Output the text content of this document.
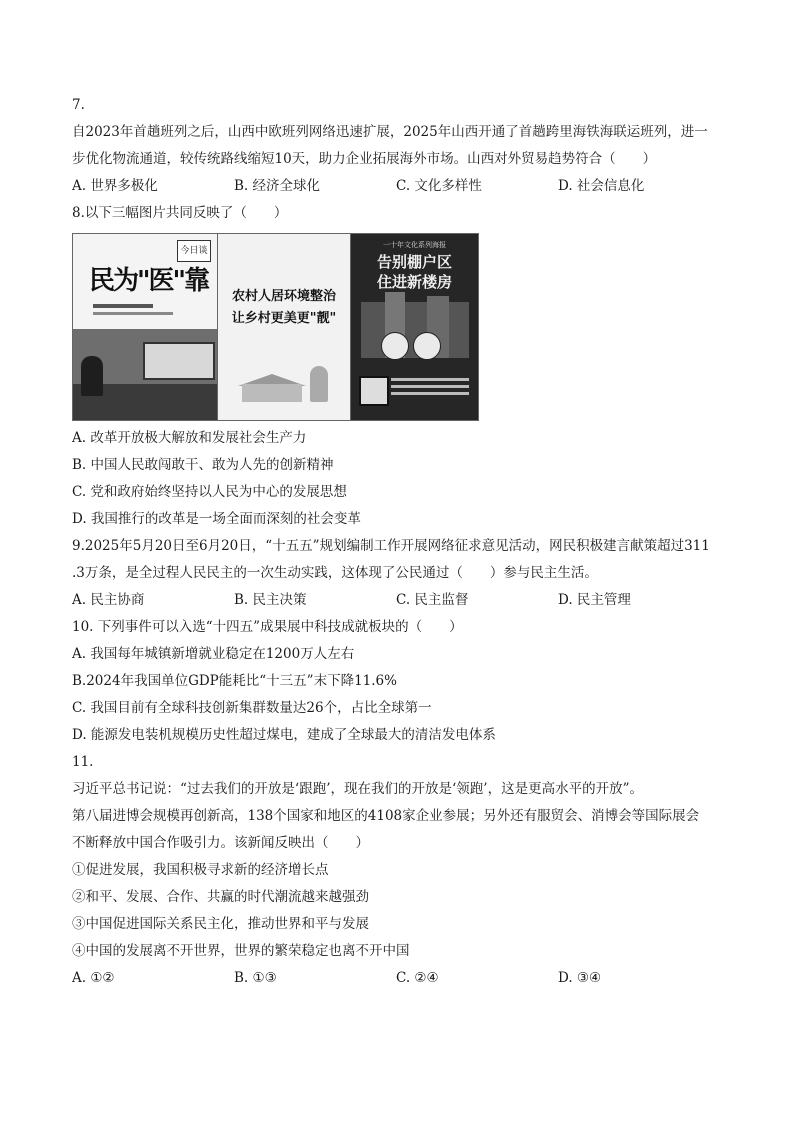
7.
自2023年首趟班列之后，山西中欧班列网络迅速扩展，2025年山西开通了首趟跨里海铁海联运班列，进一
步优化物流通道，较传统路线缩短10天，助力企业拓展海外市场。山西对外贸易趋势符合（　　）
A. 世界多极化	B. 经济全球化	C. 文化多样性	D. 社会信息化
8.以下三幅图片共同反映了（　　）
民为"医"靠
今日谈
农村人居环境整治
让乡村更美更"靓"
一十年文化系列海报
告别棚户区
住进新楼房
A. 改革开放极大解放和发展社会生产力
B. 中国人民敢闯敢干、敢为人先的创新精神
C. 党和政府始终坚持以人民为中心的发展思想
D. 我国推行的改革是一场全面而深刻的社会变革
9.2025年5月20日至6月20日，“十五五”规划编制工作开展网络征求意见活动，网民积极建言献策超过311
.3万条，是全过程人民民主的一次生动实践，这体现了公民通过（　　）参与民主生活。
A. 民主协商	B. 民主决策	C. 民主监督	D. 民主管理
10. 下列事件可以入选“十四五”成果展中科技成就板块的（　　）
A. 我国每年城镇新增就业稳定在1200万人左右
B.2024年我国单位GDP能耗比“十三五”末下降11.6%
C. 我国目前有全球科技创新集群数量达26个，占比全球第一
D. 能源发电装机规模历史性超过煤电，建成了全球最大的清洁发电体系
11.
习近平总书记说：“过去我们的开放是‘跟跑’，现在我们的开放是‘领跑’，这是更高水平的开放”。
第八届进博会规模再创新高，138个国家和地区的4108家企业参展；另外还有服贸会、消博会等国际展会
不断释放中国合作吸引力。该新闻反映出（　　）
①促进发展，我国积极寻求新的经济增长点
②和平、发展、合作、共赢的时代潮流越来越强劲
③中国促进国际关系民主化，推动世界和平与发展
④中国的发展离不开世界，世界的繁荣稳定也离不开中国
A. ①②	B. ①③	C. ②④	D. ③④
